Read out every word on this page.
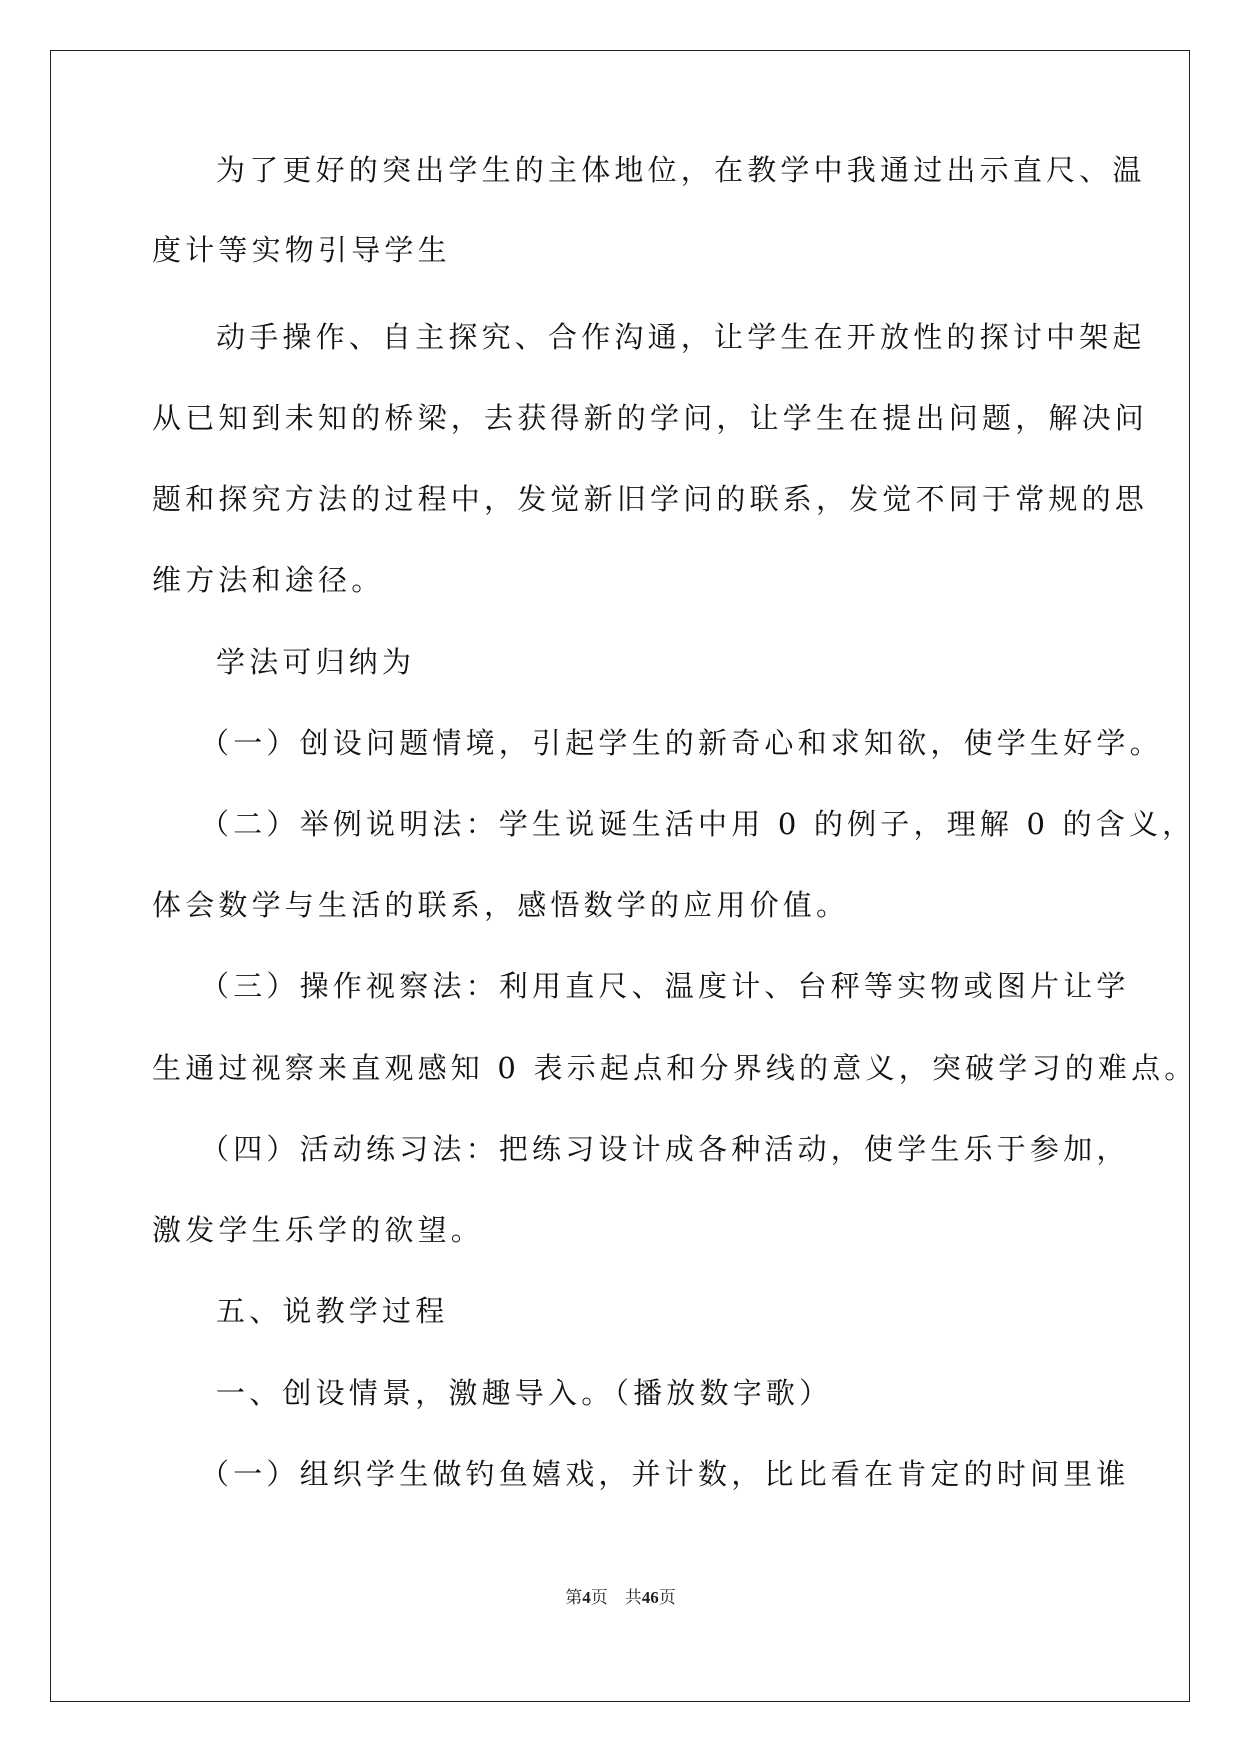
为了更好的突出学生的主体地位，在教学中我通过出示直尺、温
度计等实物引导学生
动手操作、自主探究、合作沟通，让学生在开放性的探讨中架起
从已知到未知的桥梁，去获得新的学问，让学生在提出问题，解决问
题和探究方法的过程中，发觉新旧学问的联系，发觉不同于常规的思
维方法和途径。
学法可归纳为
（一）创设问题情境，引起学生的新奇心和求知欲，使学生好学。
（二）举例说明法：学生说诞生活中用 0 的例子，理解 0 的含义，
体会数学与生活的联系，感悟数学的应用价值。
（三）操作视察法：利用直尺、温度计、台秤等实物或图片让学
生通过视察来直观感知 0 表示起点和分界线的意义，突破学习的难点。
（四）活动练习法：把练习设计成各种活动，使学生乐于参加，
激发学生乐学的欲望。
五、说教学过程
一、创设情景，激趣导入。（播放数字歌）
（一）组织学生做钓鱼嬉戏，并计数，比比看在肯定的时间里谁
第4页　共46页
